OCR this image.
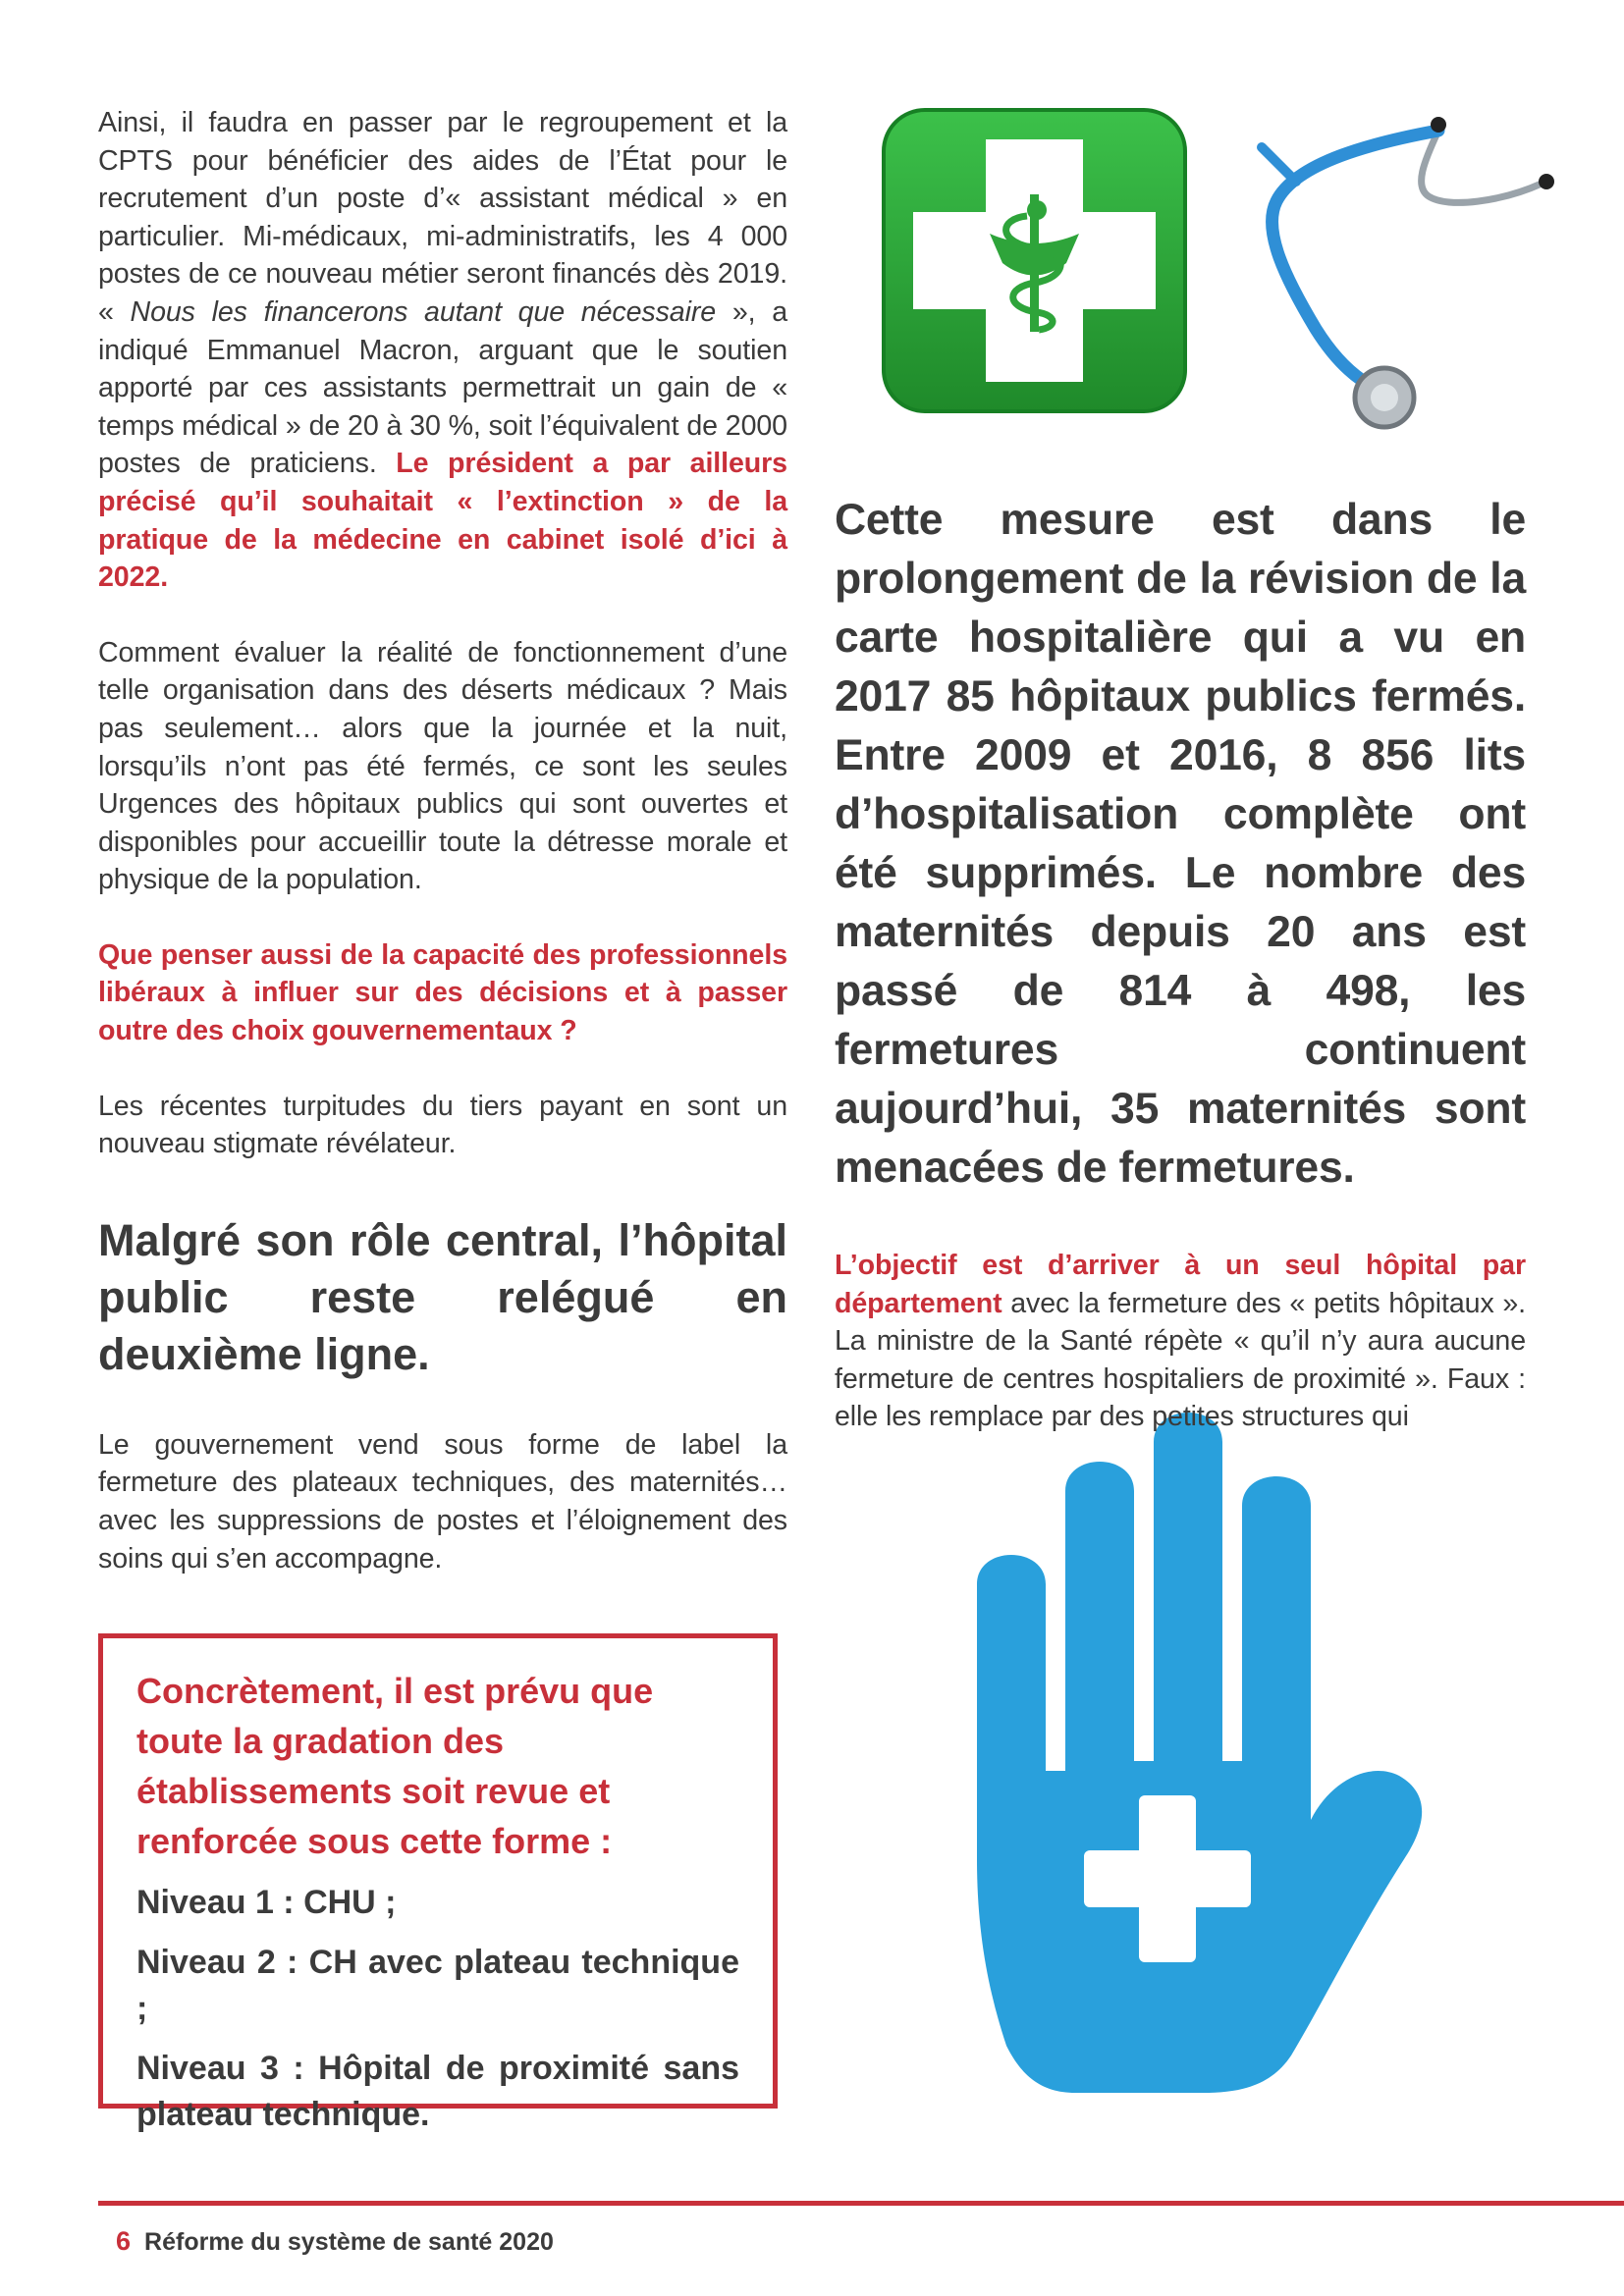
Ainsi, il faudra en passer par le regroupement et la CPTS pour bénéficier des aides de l’État pour le recrutement d’un poste d’« assistant médical » en particulier. Mi-médicaux, mi-administratifs, les 4 000 postes de ce nouveau métier seront financés dès 2019. « Nous les financerons autant que nécessaire », a indiqué Emmanuel Macron, arguant que le soutien apporté par ces assistants permettrait un gain de « temps médical » de 20 à 30 %, soit l’équivalent de 2000 postes de praticiens. Le président a par ailleurs précisé qu’il souhaitait « l’extinction » de la pratique de la médecine en cabinet isolé d’ici à 2022.

Comment évaluer la réalité de fonctionnement d’une telle organisation dans des déserts médicaux ? Mais pas seulement… alors que la journée et la nuit, lorsqu’ils n’ont pas été fermés, ce sont les seules Urgences des hôpitaux publics qui sont ouvertes et disponibles pour accueillir toute la détresse morale et physique de la population.

Que penser aussi de la capacité des professionnels libéraux à influer sur des décisions et à passer outre des choix gouvernementaux ?

Les récentes turpitudes du tiers payant en sont un nouveau stigmate révélateur.

Malgré son rôle central, l’hôpital public reste relégué en deuxième ligne.

Le gouvernement vend sous forme de label la fermeture des plateaux techniques, des maternités… avec les suppressions de postes et l’éloignement des soins qui s’en accompagne.

Concrètement, il est prévu que toute la gradation des établissements soit revue et renforcée sous cette forme :

Niveau 1 : CHU ;

Niveau 2 : CH avec plateau technique ;

Niveau 3 : Hôpital de proximité sans plateau technique.

Cette mesure est dans le prolongement de la révision de la carte hospitalière qui a vu en 2017 85 hôpitaux publics fermés. Entre 2009 et 2016, 8 856 lits d’hospitalisation complète ont été supprimés. Le nombre des maternités depuis 20 ans est passé de 814 à 498, les fermetures continuent aujourd’hui, 35 maternités sont menacées de fermetures.

L’objectif est d’arriver à un seul hôpital par département avec la fermeture des « petits hôpitaux ». La ministre de la Santé répète « qu’il n’y aura aucune fermeture de centres hospitaliers de proximité ». Faux : elle les remplace par des petites structures qui

6 Réforme du système de santé 2020
